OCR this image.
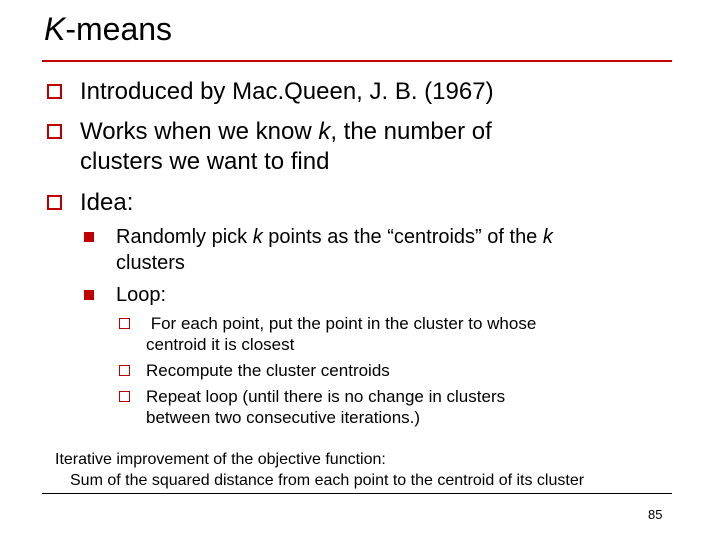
K-means
Introduced by Mac.Queen, J. B. (1967)
Works when we know k, the number of
clusters we want to find
Idea:
Randomly pick k points as the “centroids” of the k
clusters
Loop:
For each point, put the point in the cluster to whose
centroid it is closest
Recompute the cluster centroids
Repeat loop (until there is no change in clusters
between two consecutive iterations.)
Iterative improvement of the objective function:
Sum of the squared distance from each point to the centroid of its cluster
85
